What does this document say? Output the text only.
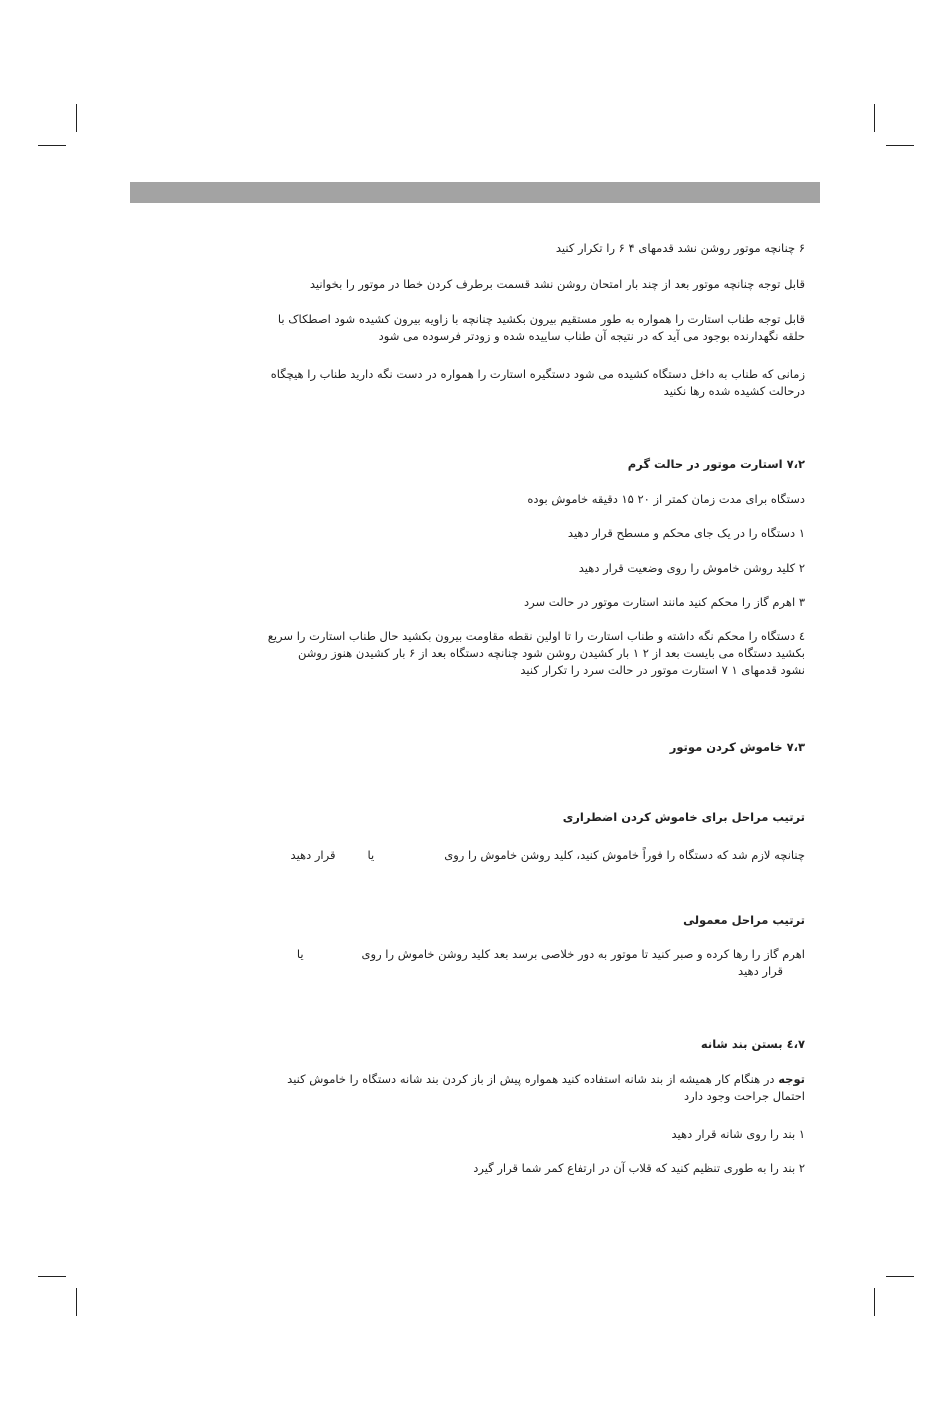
۶ چنانچه موتور روشن نشد قدمهای ۴ ۶ را تکرار کنید

قابل توجه چنانچه موتور بعد از چند بار امتحان روشن نشد قسمت برطرف کردن خطا در موتور را بخوانید

قابل توجه طناب استارت را همواره به طور مستقیم بیرون بکشید چنانچه با زاویه بیرون کشیده شود اصطکاک با
حلقه نگهدارنده بوجود می آید که در نتیجه آن طناب ساییده شده و زودتر فرسوده می شود
زمانی که طناب به داخل دستگاه کشیده می شود دستگیره استارت را همواره در دست نگه دارید طناب را هیچگاه
درحالت کشیده شده رها نکنید

۷،۲ استارت موتور در حالت گرم

دستگاه برای مدت زمان کمتر از ۲۰ ۱۵ دقیقه خاموش بوده

۱ دستگاه را در یک جای محکم و مسطح قرار دهید

۲ کلید روشن خاموش را روی وضعیت قرار دهید

۳ اهرم گاز را محکم کنید مانند استارت موتور در حالت سرد

٤ دستگاه را محکم نگه داشته و طناب استارت را تا اولین نقطه مقاومت بیرون بکشید حال طناب استارت را سریع
بکشید دستگاه می بایست بعد از ۲ ۱ بار کشیدن روشن شود چنانچه دستگاه بعد از ۶ بار کشیدن هنوز روشن
نشود قدمهای ۱ ۷ استارت موتور در حالت سرد را تکرار کنید

۷،۳ خاموش کردن موتور

ترتیب مراحل برای خاموش کردن اضطراری

چنانچه لازم شد که دستگاه را فوراً خاموش کنید، کلید روشن خاموش را روییاقرار دهید

ترتیب مراحل معمولی

اهرم گاز را رها کرده و صبر کنید تا موتور به دور خلاصی برسد بعد کلید روشن خاموش را روییا
قرار دهید

۷،٤ بستن بند شانه

توجه در هنگام کار همیشه از بند شانه استفاده کنید همواره پیش از باز کردن بند شانه دستگاه را خاموش کنید
احتمال جراحت وجود دارد

۱ بند را روی شانه قرار دهید

۲ بند را به طوری تنظیم کنید که قلاب آن در ارتفاع کمر شما قرار گیرد
